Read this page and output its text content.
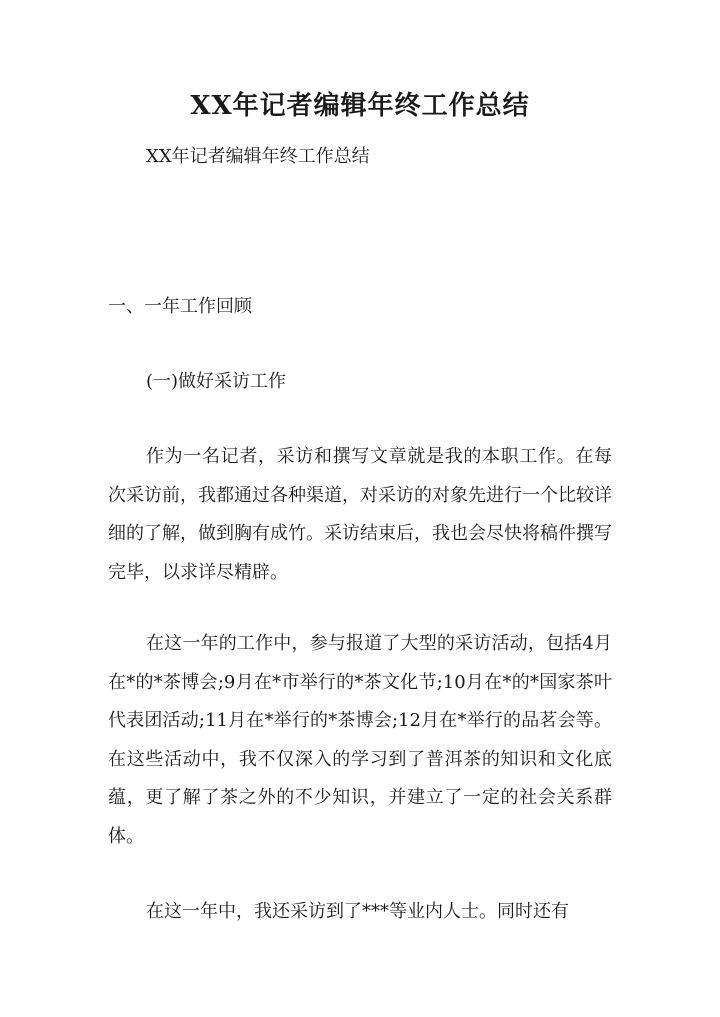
XX年记者编辑年终工作总结

XX年记者编辑年终工作总结

一、一年工作回顾

(一)做好采访工作

作为一名记者，采访和撰写文章就是我的本职工作。在每次采访前，我都通过各种渠道，对采访的对象先进行一个比较详细的了解，做到胸有成竹。采访结束后，我也会尽快将稿件撰写完毕，以求详尽精辟。

在这一年的工作中，参与报道了大型的采访活动，包括4月在*的*茶博会;9月在*市举行的*茶文化节;10月在*的*国家茶叶代表团活动;11月在*举行的*茶博会;12月在*举行的品茗会等。在这些活动中，我不仅深入的学习到了普洱茶的知识和文化底蕴，更了解了茶之外的不少知识，并建立了一定的社会关系群体。

在这一年中，我还采访到了***等业内人士。同时还有
